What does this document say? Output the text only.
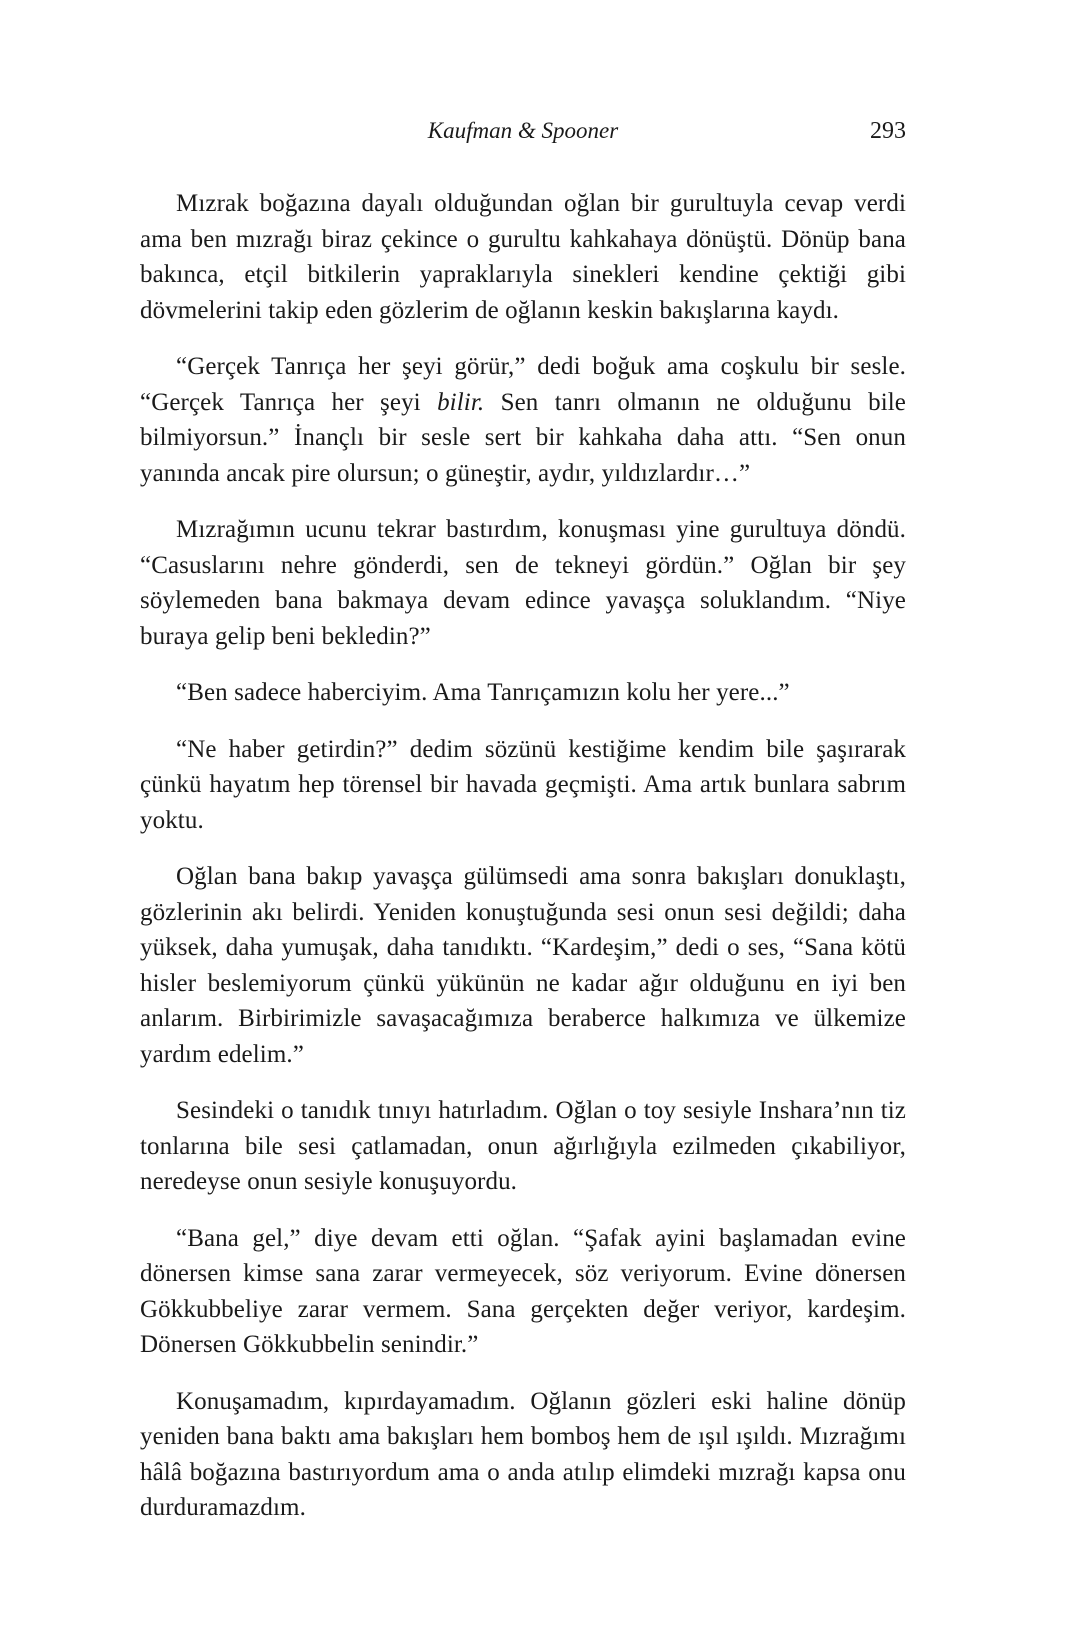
Kaufman & Spooner	293

Mızrak boğazına dayalı olduğundan oğlan bir gurultuyla cevap verdi ama ben mızrağı biraz çekince o gurultu kahkahaya dönüştü. Dönüp bana bakınca, etçil bitkilerin yapraklarıyla sinekleri kendine çektiği gibi dövmelerini takip eden gözlerim de oğlanın keskin bakışlarına kaydı.

“Gerçek Tanrıça her şeyi görür,” dedi boğuk ama coşkulu bir sesle. “Gerçek Tanrıça her şeyi bilir. Sen tanrı olmanın ne olduğunu bile bilmiyorsun.” İnançlı bir sesle sert bir kahkaha daha attı. “Sen onun yanında ancak pire olursun; o güneştir, aydır, yıldızlardır…”

Mızrağımın ucunu tekrar bastırdım, konuşması yine gurultuya döndü. “Casuslarını nehre gönderdi, sen de tekneyi gördün.” Oğlan bir şey söylemeden bana bakmaya devam edince yavaşça soluklandım. “Niye buraya gelip beni bekledin?”

“Ben sadece haberciyim. Ama Tanrıçamızın kolu her yere...”

“Ne haber getirdin?” dedim sözünü kestiğime kendim bile şaşırarak çünkü hayatım hep törensel bir havada geçmişti. Ama artık bunlara sabrım yoktu.

Oğlan bana bakıp yavaşça gülümsedi ama sonra bakışları donuklaştı, gözlerinin akı belirdi. Yeniden konuştuğunda sesi onun sesi değildi; daha yüksek, daha yumuşak, daha tanıdıktı. “Kardeşim,” dedi o ses, “Sana kötü hisler beslemiyorum çünkü yükünün ne kadar ağır olduğunu en iyi ben anlarım. Birbirimizle savaşacağımıza beraberce halkımıza ve ülkemize yardım edelim.”

Sesindeki o tanıdık tınıyı hatırladım. Oğlan o toy sesiyle Inshara’nın tiz tonlarına bile sesi çatlamadan, onun ağırlığıyla ezilmeden çıkabiliyor, neredeyse onun sesiyle konuşuyordu.

“Bana gel,” diye devam etti oğlan. “Şafak ayini başlamadan evine dönersen kimse sana zarar vermeyecek, söz veriyorum. Evine dönersen Gökkubbeliye zarar vermem. Sana gerçekten değer veriyor, kardeşim. Dönersen Gökkubbelin senindir.”

Konuşamadım, kıpırdayamadım. Oğlanın gözleri eski haline dönüp yeniden bana baktı ama bakışları hem bomboş hem de ışıl ışıldı. Mızrağımı hâlâ boğazına bastırıyordum ama o anda atılıp elimdeki mızrağı kapsa onu durduramazdım.
